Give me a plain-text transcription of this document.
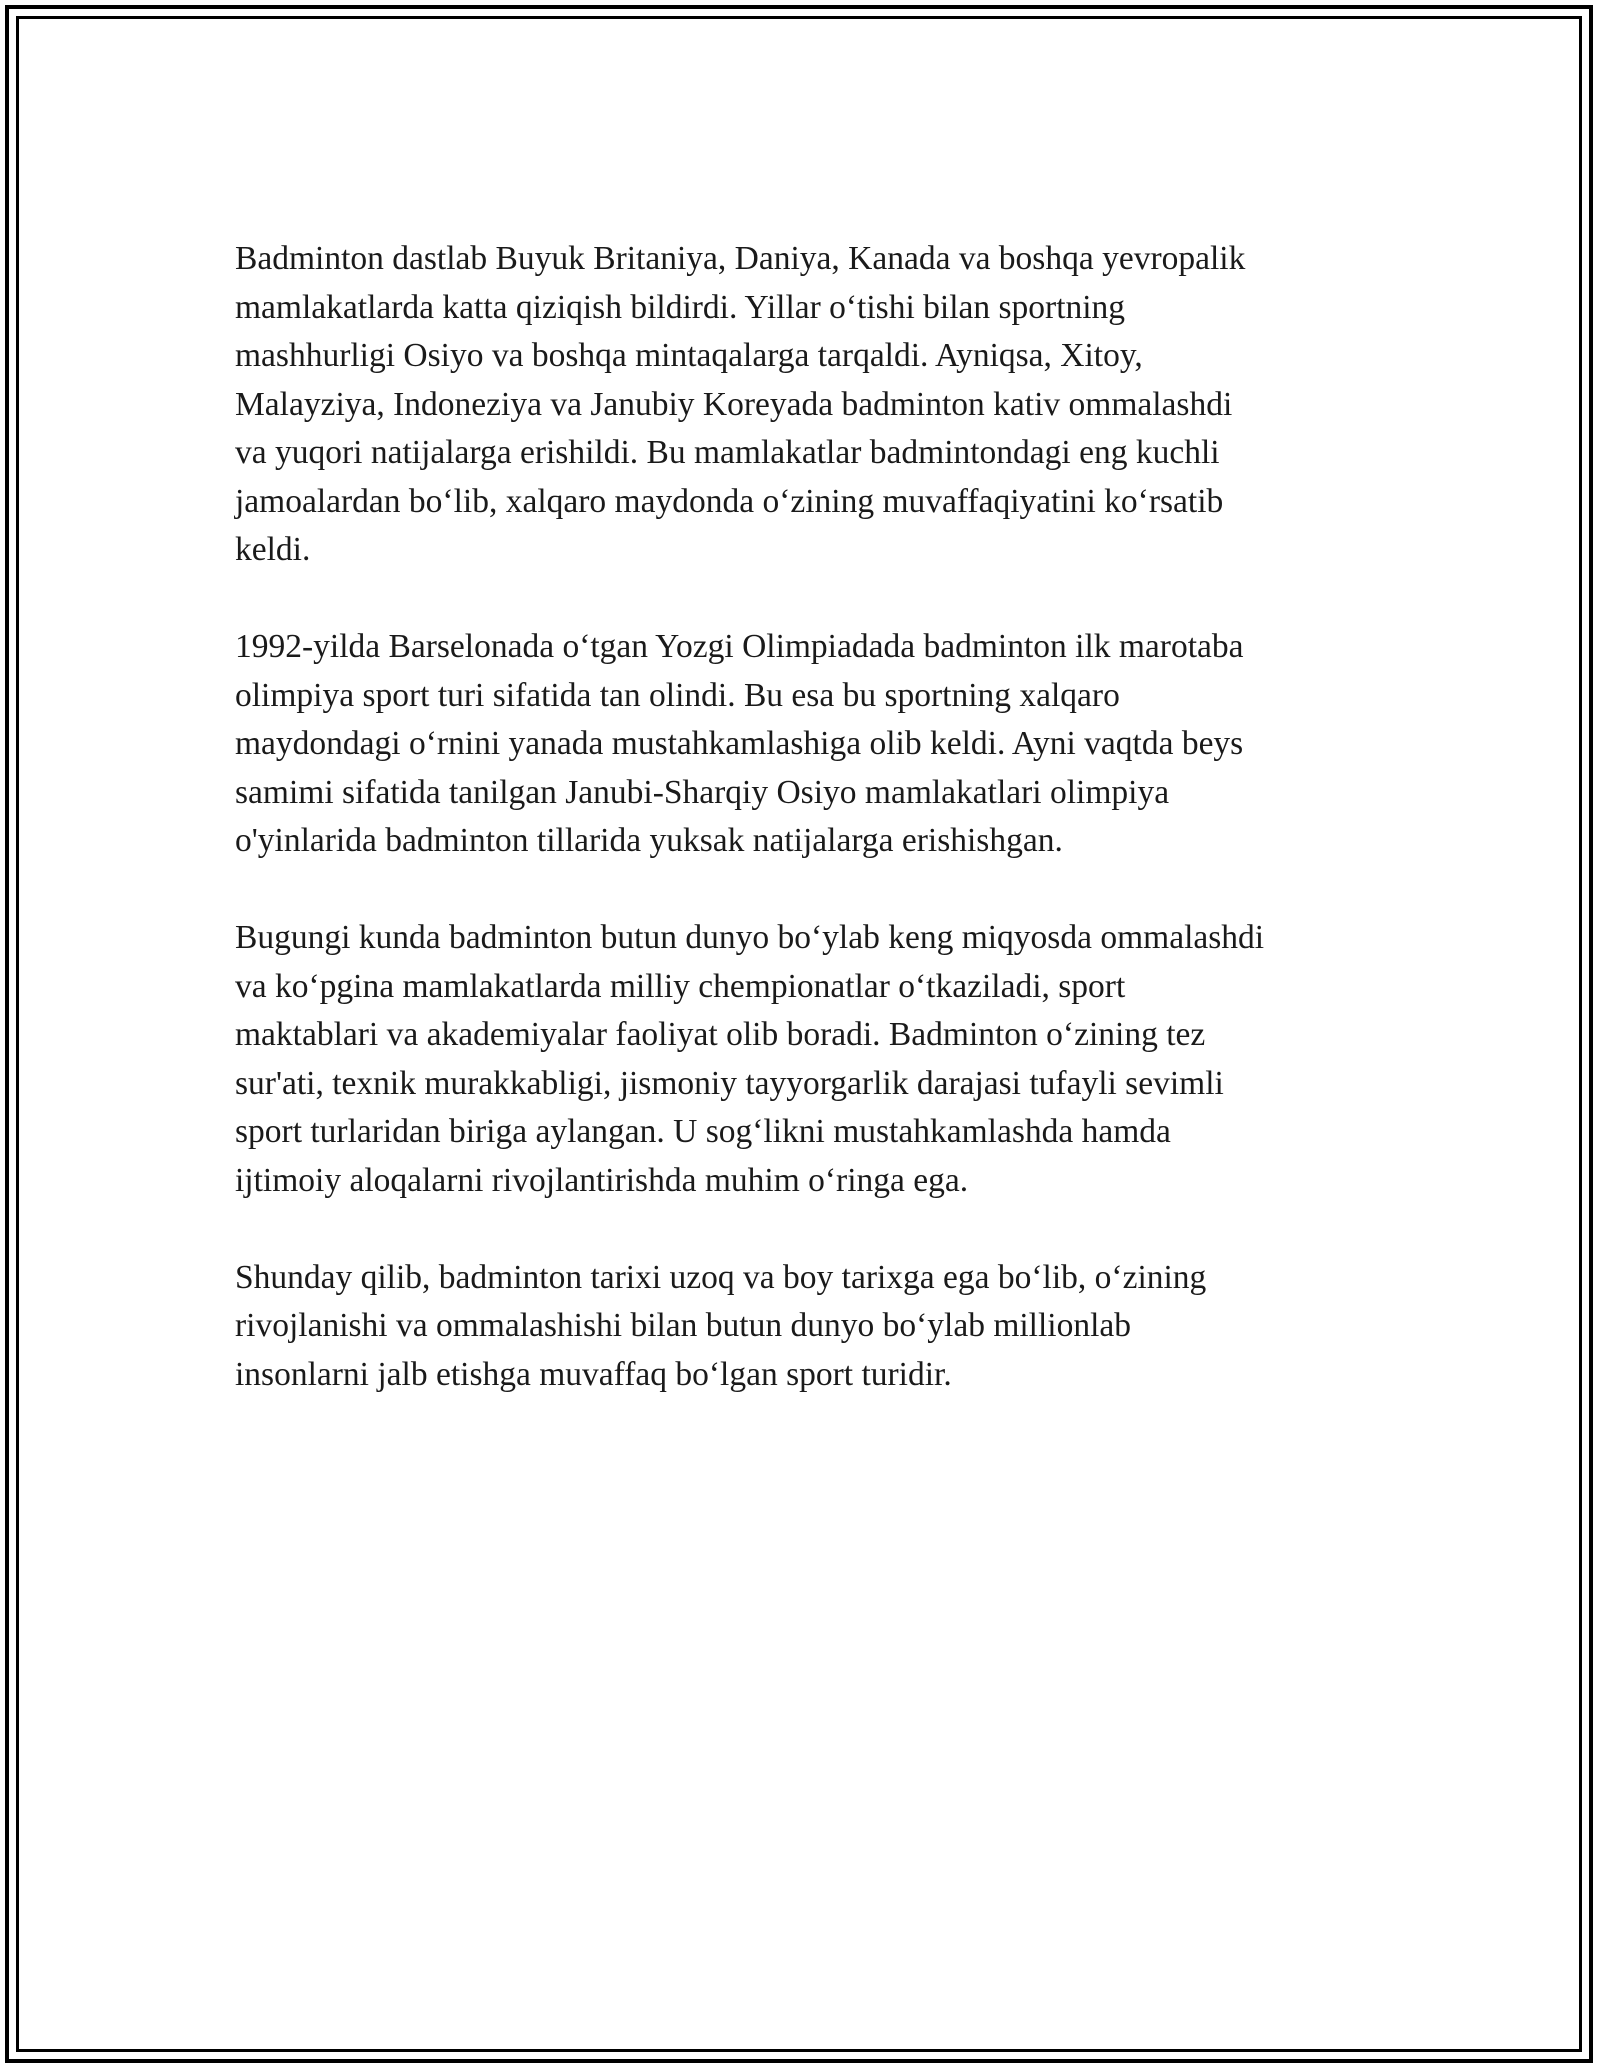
Badminton dastlab Buyuk Britaniya, Daniya, Kanada va boshqa yevropalik
mamlakatlarda katta qiziqish bildirdi. Yillar o‘tishi bilan sportning
mashhurligi Osiyo va boshqa mintaqalarga tarqaldi. Ayniqsa, Xitoy,
Malayziya, Indoneziya va Janubiy Koreyada badminton kativ ommalashdi
va yuqori natijalarga erishildi. Bu mamlakatlar badmintondagi eng kuchli
jamoalardan bo‘lib, xalqaro maydonda o‘zining muvaffaqiyatini ko‘rsatib
keldi.

1992-yilda Barselonada o‘tgan Yozgi Olimpiadada badminton ilk marotaba
olimpiya sport turi sifatida tan olindi. Bu esa bu sportning xalqaro
maydondagi o‘rnini yanada mustahkamlashiga olib keldi. Ayni vaqtda beys
samimi sifatida tanilgan Janubi-Sharqiy Osiyo mamlakatlari olimpiya
o'yinlarida badminton tillarida yuksak natijalarga erishishgan.

Bugungi kunda badminton butun dunyo bo‘ylab keng miqyosda ommalashdi
va ko‘pgina mamlakatlarda milliy chempionatlar o‘tkaziladi, sport
maktablari va akademiyalar faoliyat olib boradi. Badminton o‘zining tez
sur'ati, texnik murakkabligi, jismoniy tayyorgarlik darajasi tufayli sevimli
sport turlaridan biriga aylangan. U sog‘likni mustahkamlashda hamda
ijtimoiy aloqalarni rivojlantirishda muhim o‘ringa ega.

Shunday qilib, badminton tarixi uzoq va boy tarixga ega bo‘lib, o‘zining
rivojlanishi va ommalashishi bilan butun dunyo bo‘ylab millionlab
insonlarni jalb etishga muvaffaq bo‘lgan sport turidir.
